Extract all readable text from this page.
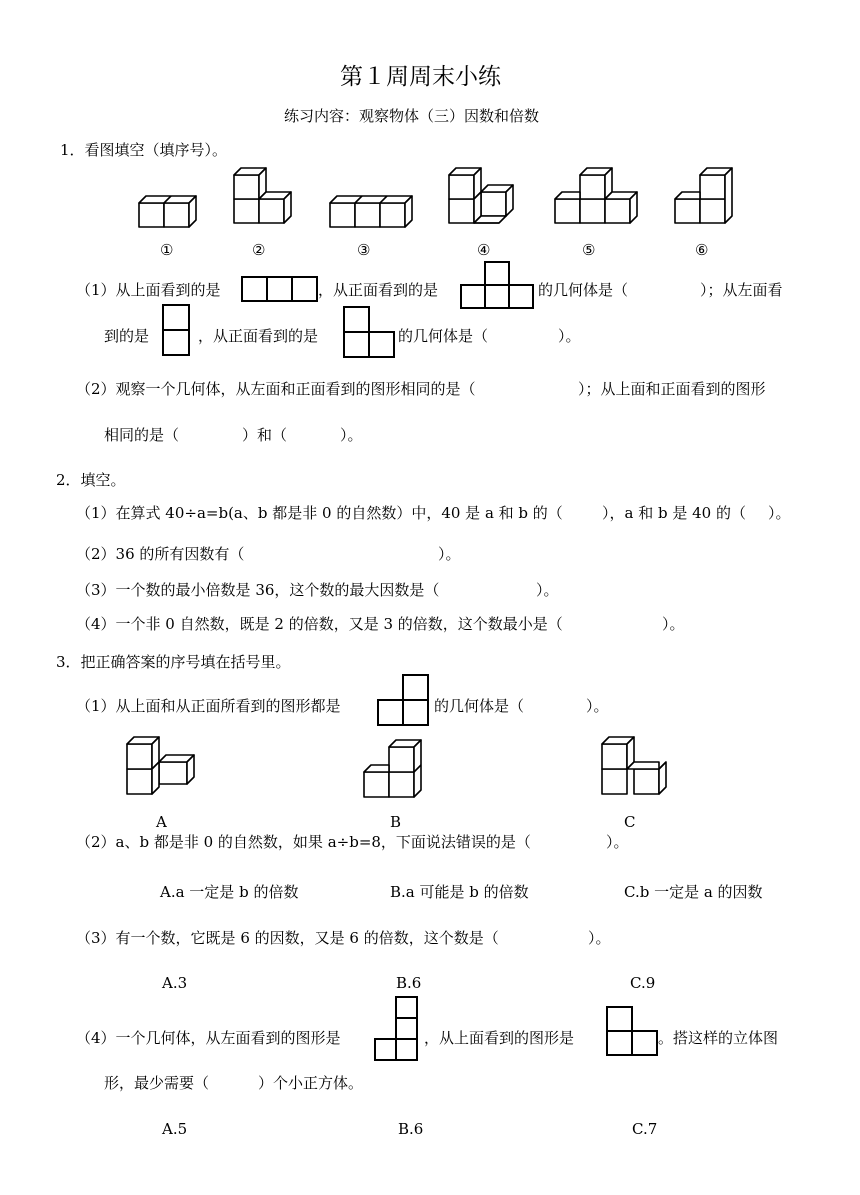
第１周周末小练
练习内容：观察物体（三）因数和倍数
1．看图填空（填序号）。
①	②	③	④	⑤	⑥
（1）从上面看到的是	，从正面看到的是	的几何体是（	）；从左面看
到的是	，从正面看到的是	的几何体是（	）。
（2）观察一个几何体，从左面和正面看到的图形相同的是（	）；从上面和正面看到的图形
相同的是（	）和（	）。
2．填空。
（1）在算式 40÷a=b(a、b 都是非 0 的自然数）中，40 是 a 和 b 的（	），a 和 b 是 40 的（ ）。
（2）36 的所有因数有（	）。
（3）一个数的最小倍数是 36，这个数的最大因数是（	）。
（4）一个非 0 自然数，既是 2 的倍数，又是 3 的倍数，这个数最小是（	）。
3．把正确答案的序号填在括号里。
（1）从上面和从正面所看到的图形都是	的几何体是（	）。
A	B	C
（2）a、b 都是非 0 的自然数，如果 a÷b=8，下面说法错误的是（	）。
A.a 一定是 b 的倍数	B.a 可能是 b 的倍数	C.b 一定是 a 的因数
（3）有一个数，它既是 6 的因数，又是 6 的倍数，这个数是（	）。
A.3	B.6	C.9
（4）一个几何体，从左面看到的图形是	，从上面看到的图形是	。搭这样的立体图
形，最少需要（	）个小正方体。
A.5	B.6	C.7
